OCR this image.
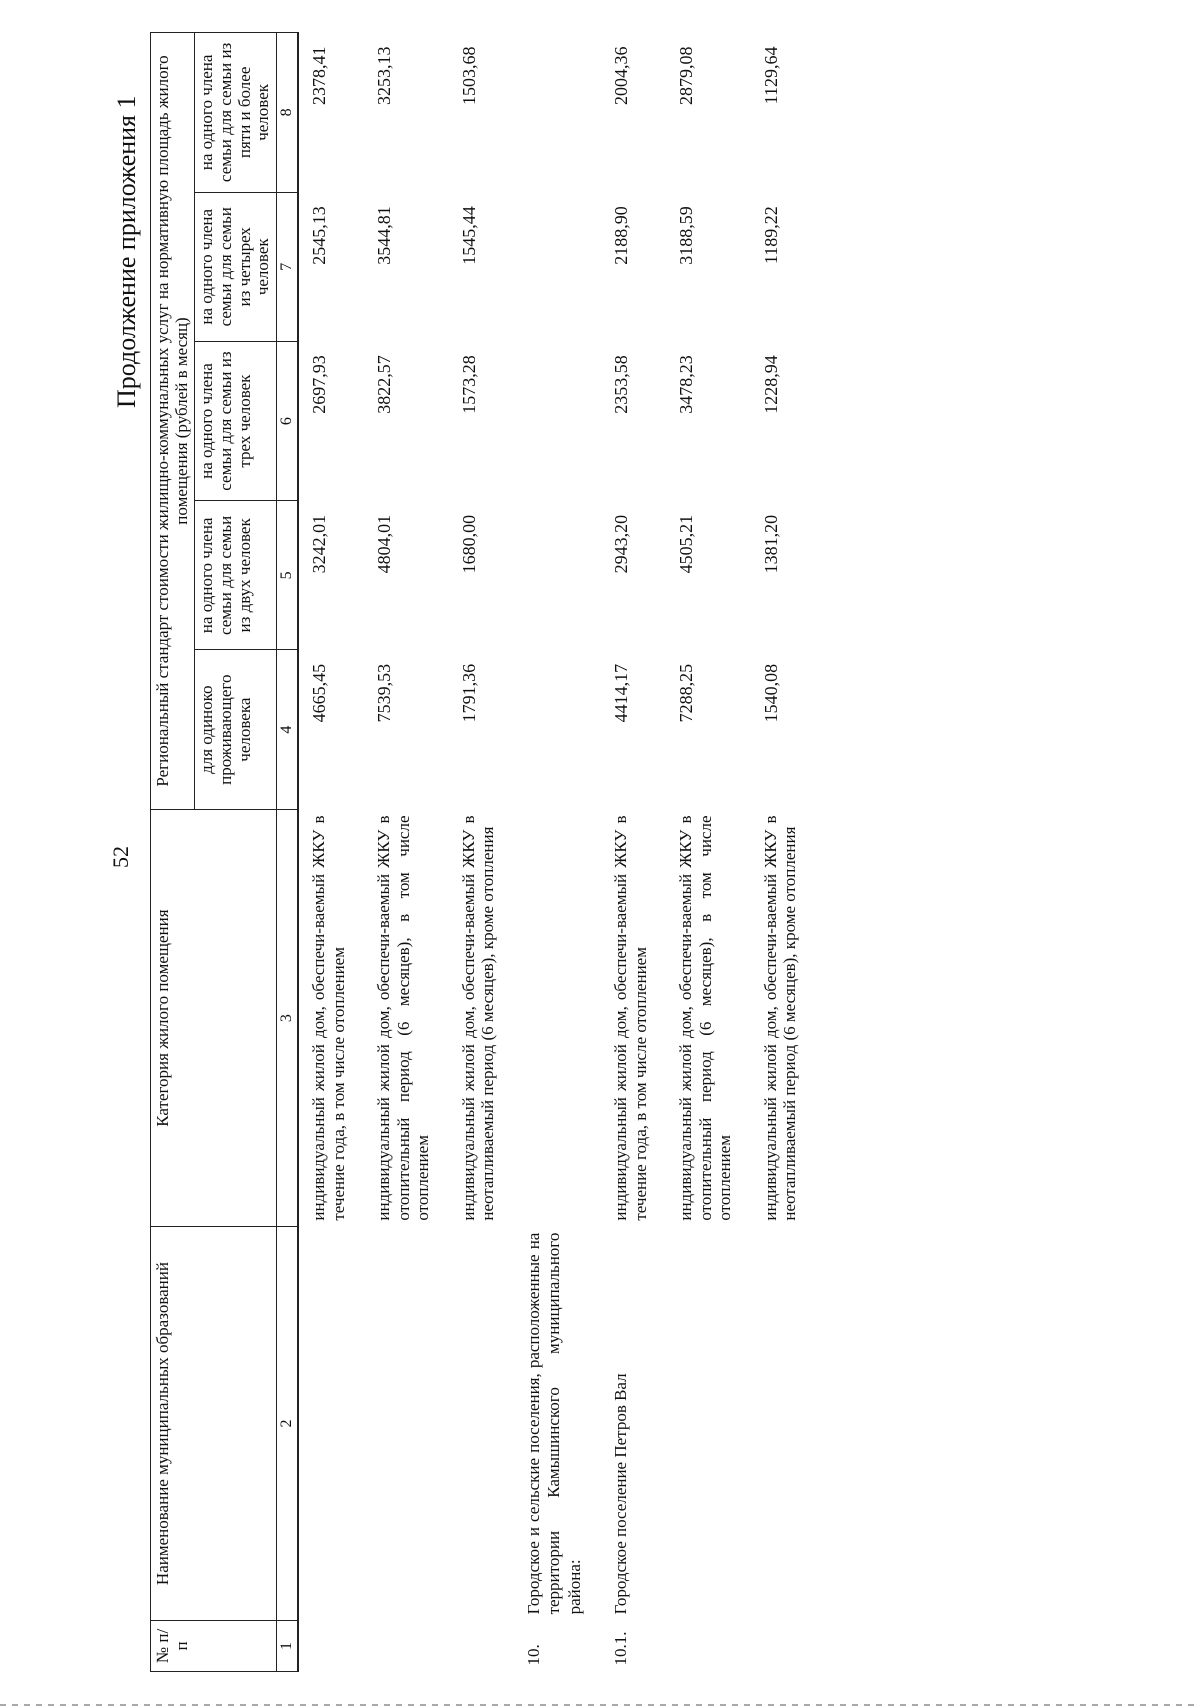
52
Продолжение приложения 1
№ п/п	Наименование муниципальных образований	Категория жилого помещения	Региональный стандарт стоимости жилищно-коммунальных услуг на нормативную площадь жилого помещения (рублей в месяц)				
			для одиноко проживающего человека	на одного члена семьи для семьи из двух человек	на одного члена семьи для семьи из трех человек	на одного члена семьи для семьи из четырех человек	на одного члена семьи для семьи из пяти и более человек
1	2	3	4	5	6	7	8
		индивидуальный жилой дом, обеспечи-ваемый ЖКУ в течение года, в том числе отоплением	4665,45	3242,01	2697,93	2545,13	2378,41
		индивидуальный жилой дом, обеспечи-ваемый ЖКУ в отопительный период (6 месяцев), в том числе отоплением	7539,53	4804,01	3822,57	3544,81	3253,13
		индивидуальный жилой дом, обеспечи-ваемый ЖКУ в неотапливаемый период (6 месяцев), кроме отопления	1791,36	1680,00	1573,28	1545,44	1503,68
10.	Городское и сельские поселения, расположенные на территории Камышинского муниципального района:						
10.1.	Городское поселение Петров Вал	индивидуальный жилой дом, обеспечи-ваемый ЖКУ в течение года, в том числе отоплением	4414,17	2943,20	2353,58	2188,90	2004,36
		индивидуальный жилой дом, обеспечи-ваемый ЖКУ в отопительный период (6 месяцев), в том числе отоплением	7288,25	4505,21	3478,23	3188,59	2879,08
		индивидуальный жилой дом, обеспечи-ваемый ЖКУ в неотапливаемый период (6 месяцев), кроме отопления	1540,08	1381,20	1228,94	1189,22	1129,64
